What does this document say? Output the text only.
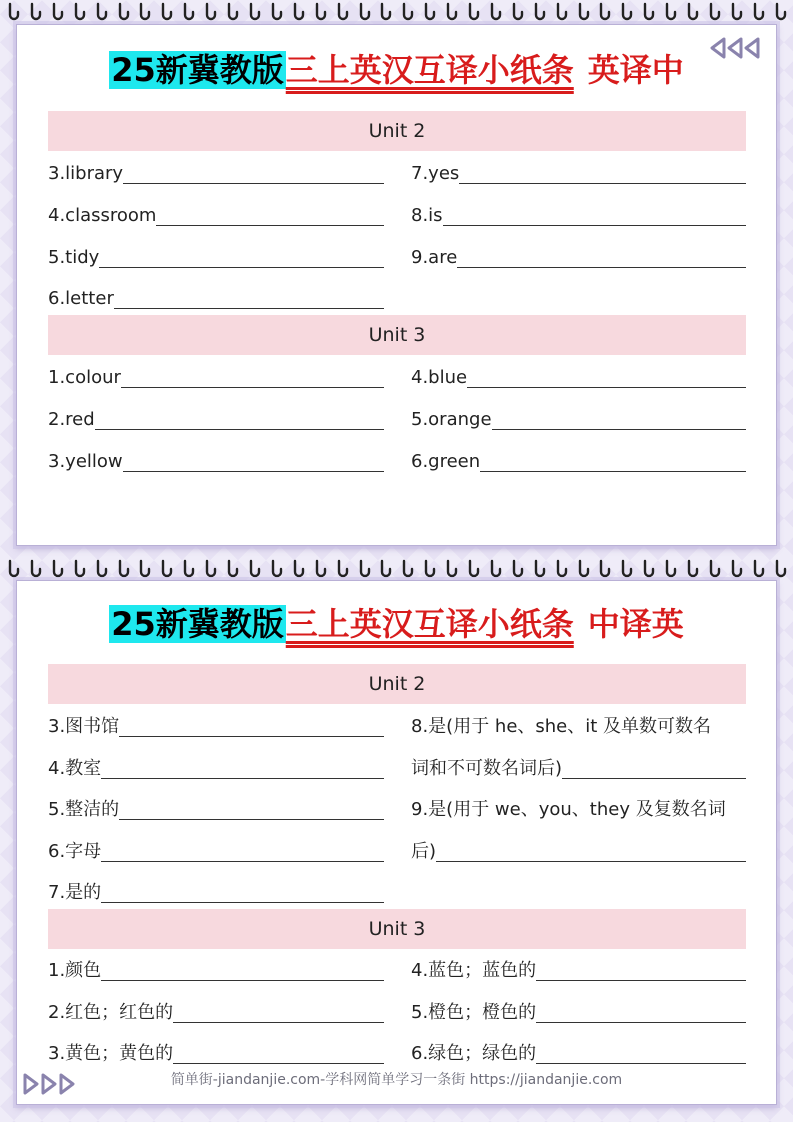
25新冀教版三上英汉互译小纸条 英译中
Unit 2
3.library
4.classroom
5.tidy
6.letter
7.yes
8.is
9.are
Unit 3
1.colour
2.red
3.yellow
4.blue
5.orange
6.green
25新冀教版三上英汉互译小纸条 中译英
Unit 2
3.图书馆
4.教室
5.整洁的
6.字母
7.是的
8.是(用于 he、she、it 及单数可数名
词和不可数名词后)
9.是(用于 we、you、they 及复数名词
后)
Unit 3
1.颜色
2.红色；红色的
3.黄色；黄色的
4.蓝色；蓝色的
5.橙色；橙色的
6.绿色；绿色的
简单街-jiandanjie.com-学科网简单学习一条街 https://jiandanjie.com
